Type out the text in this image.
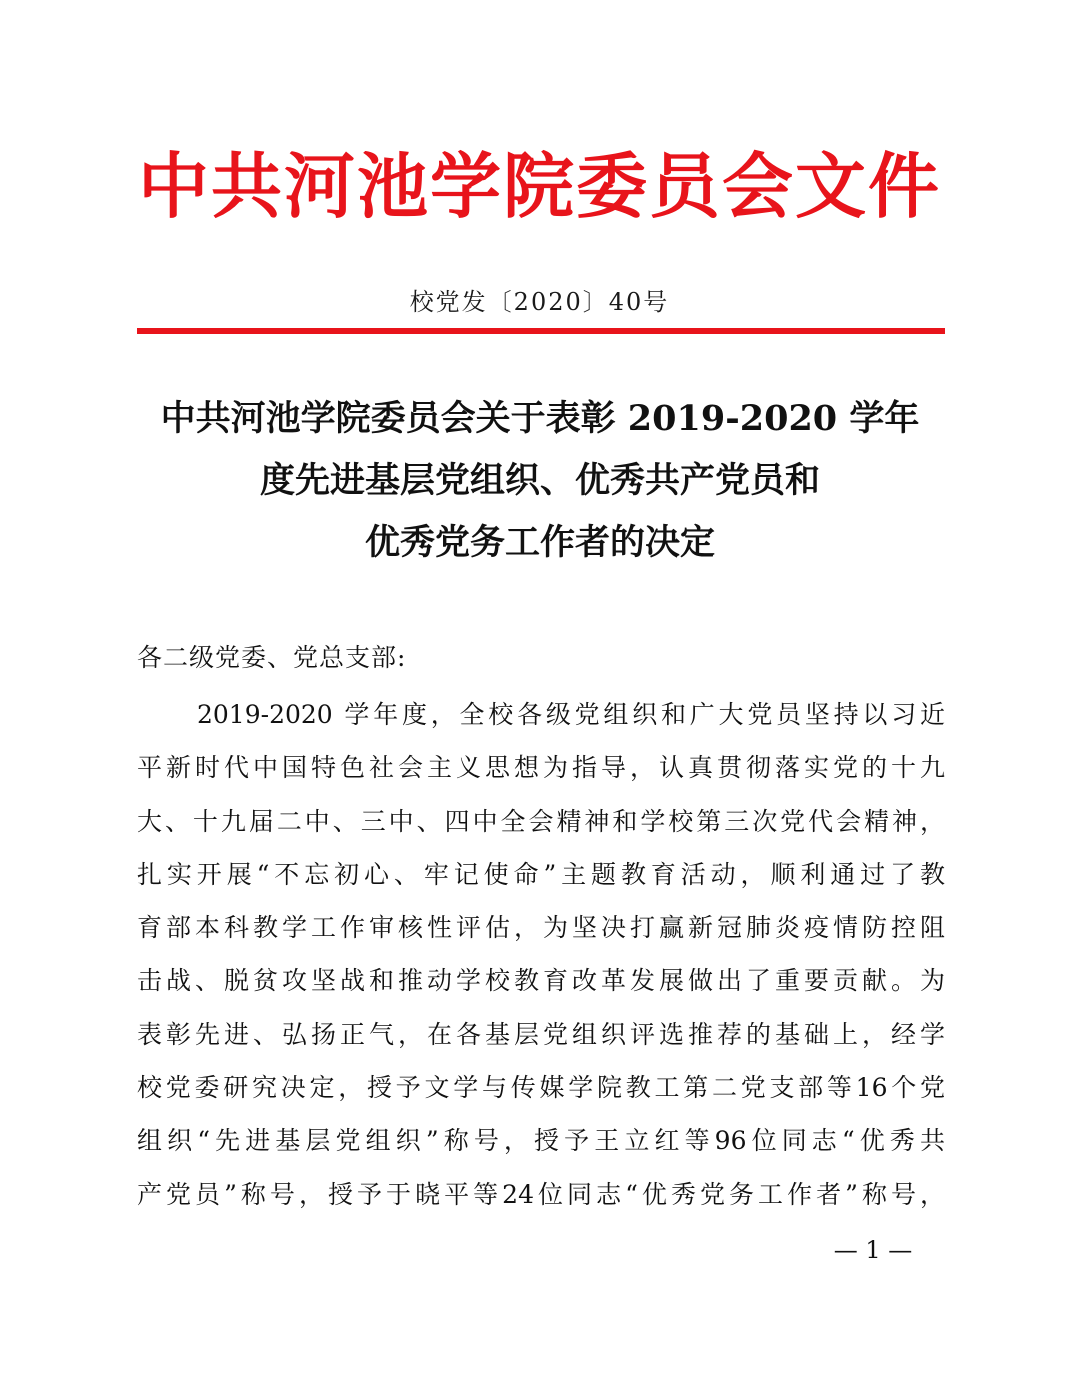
中共河池学院委员会文件
校党发〔2020〕40号
中共河池学院委员会关于表彰 2019-2020 学年
度先进基层党组织、优秀共产党员和
优秀党务工作者的决定
各二级党委、党总支部:
2019-2020 学年度，全校各级党组织和广大党员坚持以习近
平新时代中国特色社会主义思想为指导，认真贯彻落实党的十九
大、十九届二中、三中、四中全会精神和学校第三次党代会精神，
扎实开展“不忘初心、牢记使命”主题教育活动，顺利通过了教
育部本科教学工作审核性评估，为坚决打赢新冠肺炎疫情防控阻
击战、脱贫攻坚战和推动学校教育改革发展做出了重要贡献。为
表彰先进、弘扬正气，在各基层党组织评选推荐的基础上，经学
校党委研究决定，授予文学与传媒学院教工第二党支部等16个党
组织“先进基层党组织”称号，授予王立红等96位同志“优秀共
产党员”称号，授予于晓平等24位同志“优秀党务工作者”称号，
— 1 —
